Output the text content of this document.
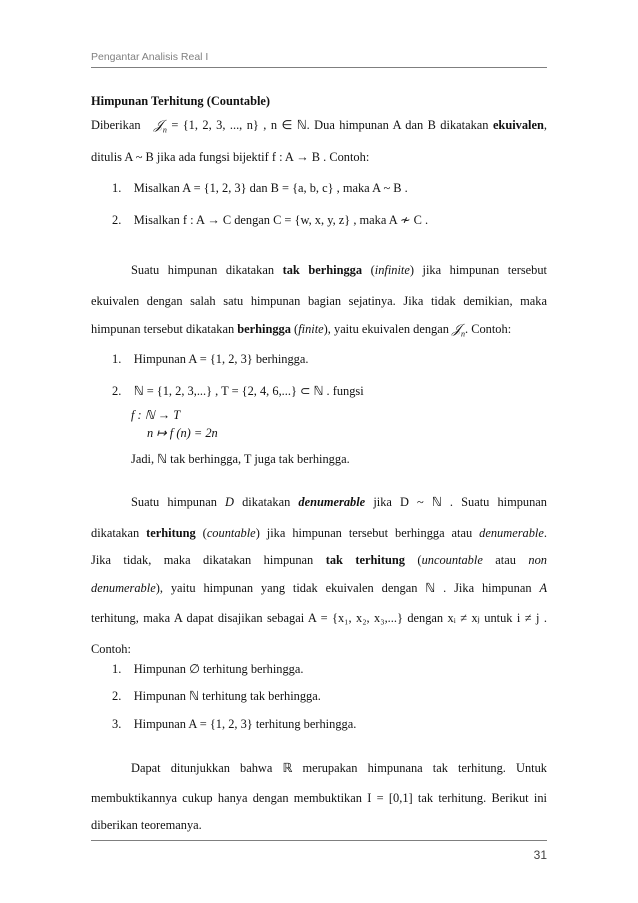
Pengantar Analisis Real I
Himpunan Terhitung (Countable)
Diberikan 𝒥$_n$ = {1, 2, 3, ..., n} , n ∈ ℕ. Dua himpunan A dan B dikatakan ekuivalen,
ditulis A ~ B jika ada fungsi bijektif f : A → B . Contoh:
1. Misalkan A = {1, 2, 3} dan B = {a, b, c} , maka A ~ B .
2. Misalkan f : A → C dengan C = {w, x, y, z} , maka A ≁ C .
Suatu himpunan dikatakan tak berhingga (infinite) jika himpunan tersebut
ekuivalen dengan salah satu himpunan bagian sejatinya. Jika tidak demikian, maka
himpunan tersebut dikatakan berhingga (finite), yaitu ekuivalen dengan 𝒥$_n$. Contoh:
1. Himpunan A = {1, 2, 3} berhingga.
2. ℕ = {1, 2, 3,...} , T = {2, 4, 6,...} ⊂ ℕ . fungsi
f : ℕ → T
n ↦ f (n) = 2n
Jadi, ℕ tak berhingga, T juga tak berhingga.
Suatu himpunan D dikatakan denumerable jika D ~ ℕ . Suatu himpunan
dikatakan terhitung (countable) jika himpunan tersebut berhingga atau denumerable.
Jika tidak, maka dikatakan himpunan tak terhitung (uncountable atau non
denumerable), yaitu himpunan yang tidak ekuivalen dengan ℕ . Jika himpunan A
terhitung, maka A dapat disajikan sebagai A = {x₁, x₂, x₃,...} dengan xᵢ ≠ xⱼ untuk i ≠ j .
Contoh:
1. Himpunan ∅ terhitung berhingga.
2. Himpunan ℕ terhitung tak berhingga.
3. Himpunan A = {1, 2, 3} terhitung berhingga.
Dapat ditunjukkan bahwa ℝ merupakan himpunana tak terhitung. Untuk
membuktikannya cukup hanya dengan membuktikan I = [0,1] tak terhitung. Berikut ini
31
diberikan teoremanya.
